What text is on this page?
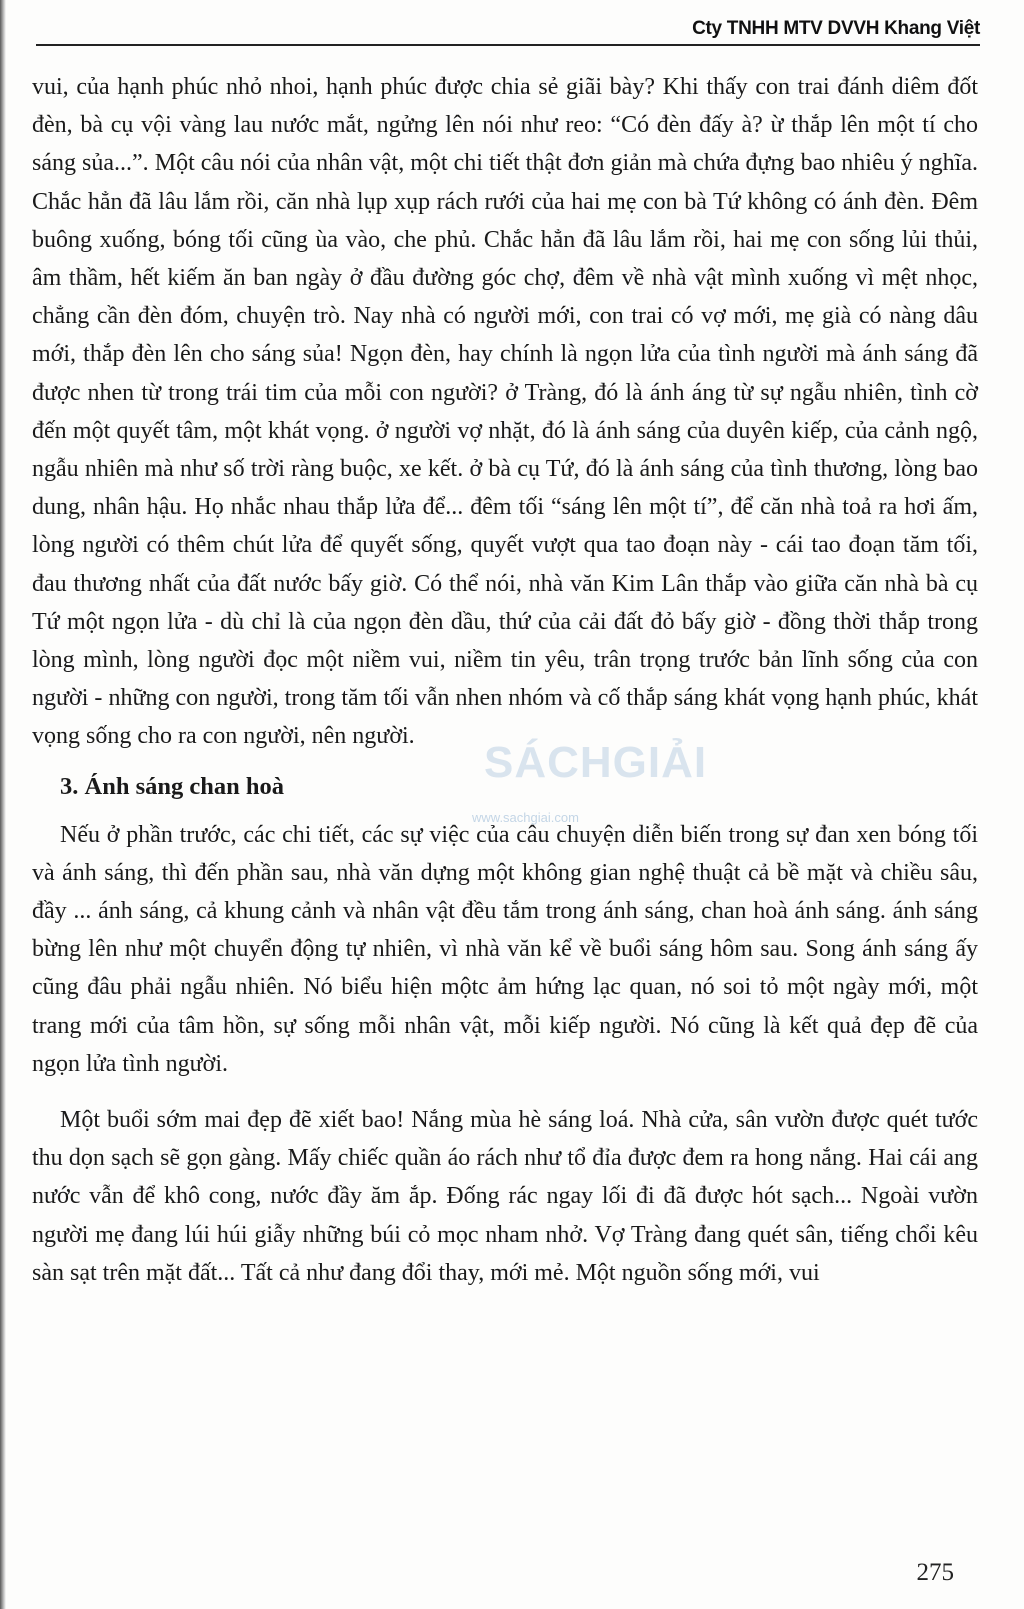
Cty TNHH MTV DVVH Khang Việt

vui, của hạnh phúc nhỏ nhoi, hạnh phúc được chia sẻ giãi bày? Khi thấy con trai đánh diêm đốt đèn, bà cụ vội vàng lau nước mắt, ngửng lên nói như reo: “Có đèn đấy à? ừ thắp lên một tí cho sáng sủa...”. Một câu nói của nhân vật, một chi tiết thật đơn giản mà chứa đựng bao nhiêu ý nghĩa. Chắc hẳn đã lâu lắm rồi, căn nhà lụp xụp rách rưới của hai mẹ con bà Tứ không có ánh đèn. Đêm buông xuống, bóng tối cũng ùa vào, che phủ. Chắc hẳn đã lâu lắm rồi, hai mẹ con sống lủi thủi, âm thầm, hết kiếm ăn ban ngày ở đầu đường góc chợ, đêm về nhà vật mình xuống vì mệt nhọc, chẳng cần đèn đóm, chuyện trò. Nay nhà có người mới, con trai có vợ mới, mẹ già có nàng dâu mới, thắp đèn lên cho sáng sủa! Ngọn đèn, hay chính là ngọn lửa của tình người mà ánh sáng đã được nhen từ trong trái tim của mỗi con người? ở Tràng, đó là ánh áng từ sự ngẫu nhiên, tình cờ đến một quyết tâm, một khát vọng. ở người vợ nhặt, đó là ánh sáng của duyên kiếp, của cảnh ngộ, ngẫu nhiên mà như số trời ràng buộc, xe kết. ở bà cụ Tứ, đó là ánh sáng của tình thương, lòng bao dung, nhân hậu. Họ nhắc nhau thắp lửa để... đêm tối “sáng lên một tí”, để căn nhà toả ra hơi ấm, lòng người có thêm chút lửa để quyết sống, quyết vượt qua tao đoạn này - cái tao đoạn tăm tối, đau thương nhất của đất nước bấy giờ. Có thể nói, nhà văn Kim Lân thắp vào giữa căn nhà bà cụ Tứ một ngọn lửa - dù chỉ là của ngọn đèn dầu, thứ của cải đất đỏ bấy giờ - đồng thời thắp trong lòng mình, lòng người đọc một niềm vui, niềm tin yêu, trân trọng trước bản lĩnh sống của con người - những con người, trong tăm tối vẫn nhen nhóm và cố thắp sáng khát vọng hạnh phúc, khát vọng sống cho ra con người, nên người.

3. Ánh sáng chan hoà

Nếu ở phần trước, các chi tiết, các sự việc của câu chuyện diễn biến trong sự đan xen bóng tối và ánh sáng, thì đến phần sau, nhà văn dựng một không gian nghệ thuật cả bề mặt và chiều sâu, đầy ... ánh sáng, cả khung cảnh và nhân vật đều tắm trong ánh sáng, chan hoà ánh sáng. ánh sáng bừng lên như một chuyển động tự nhiên, vì nhà văn kể về buổi sáng hôm sau. Song ánh sáng ấy cũng đâu phải ngẫu nhiên. Nó biểu hiện mộtc ảm hứng lạc quan, nó soi tỏ một ngày mới, một trang mới của tâm hồn, sự sống mỗi nhân vật, mỗi kiếp người. Nó cũng là kết quả đẹp đẽ của ngọn lửa tình người.

Một buổi sớm mai đẹp đẽ xiết bao! Nắng mùa hè sáng loá. Nhà cửa, sân vườn được quét tước thu dọn sạch sẽ gọn gàng. Mấy chiếc quần áo rách như tổ đỉa được đem ra hong nắng. Hai cái ang nước vẫn để khô cong, nước đầy ăm ắp. Đống rác ngay lối đi đã được hót sạch... Ngoài vườn người mẹ đang lúi húi giẫy những búi cỏ mọc nham nhở. Vợ Tràng đang quét sân, tiếng chổi kêu sàn sạt trên mặt đất... Tất cả như đang đổi thay, mới mẻ. Một nguồn sống mới, vui

SÁCHGIẢI
www.sachgiai.com
275
